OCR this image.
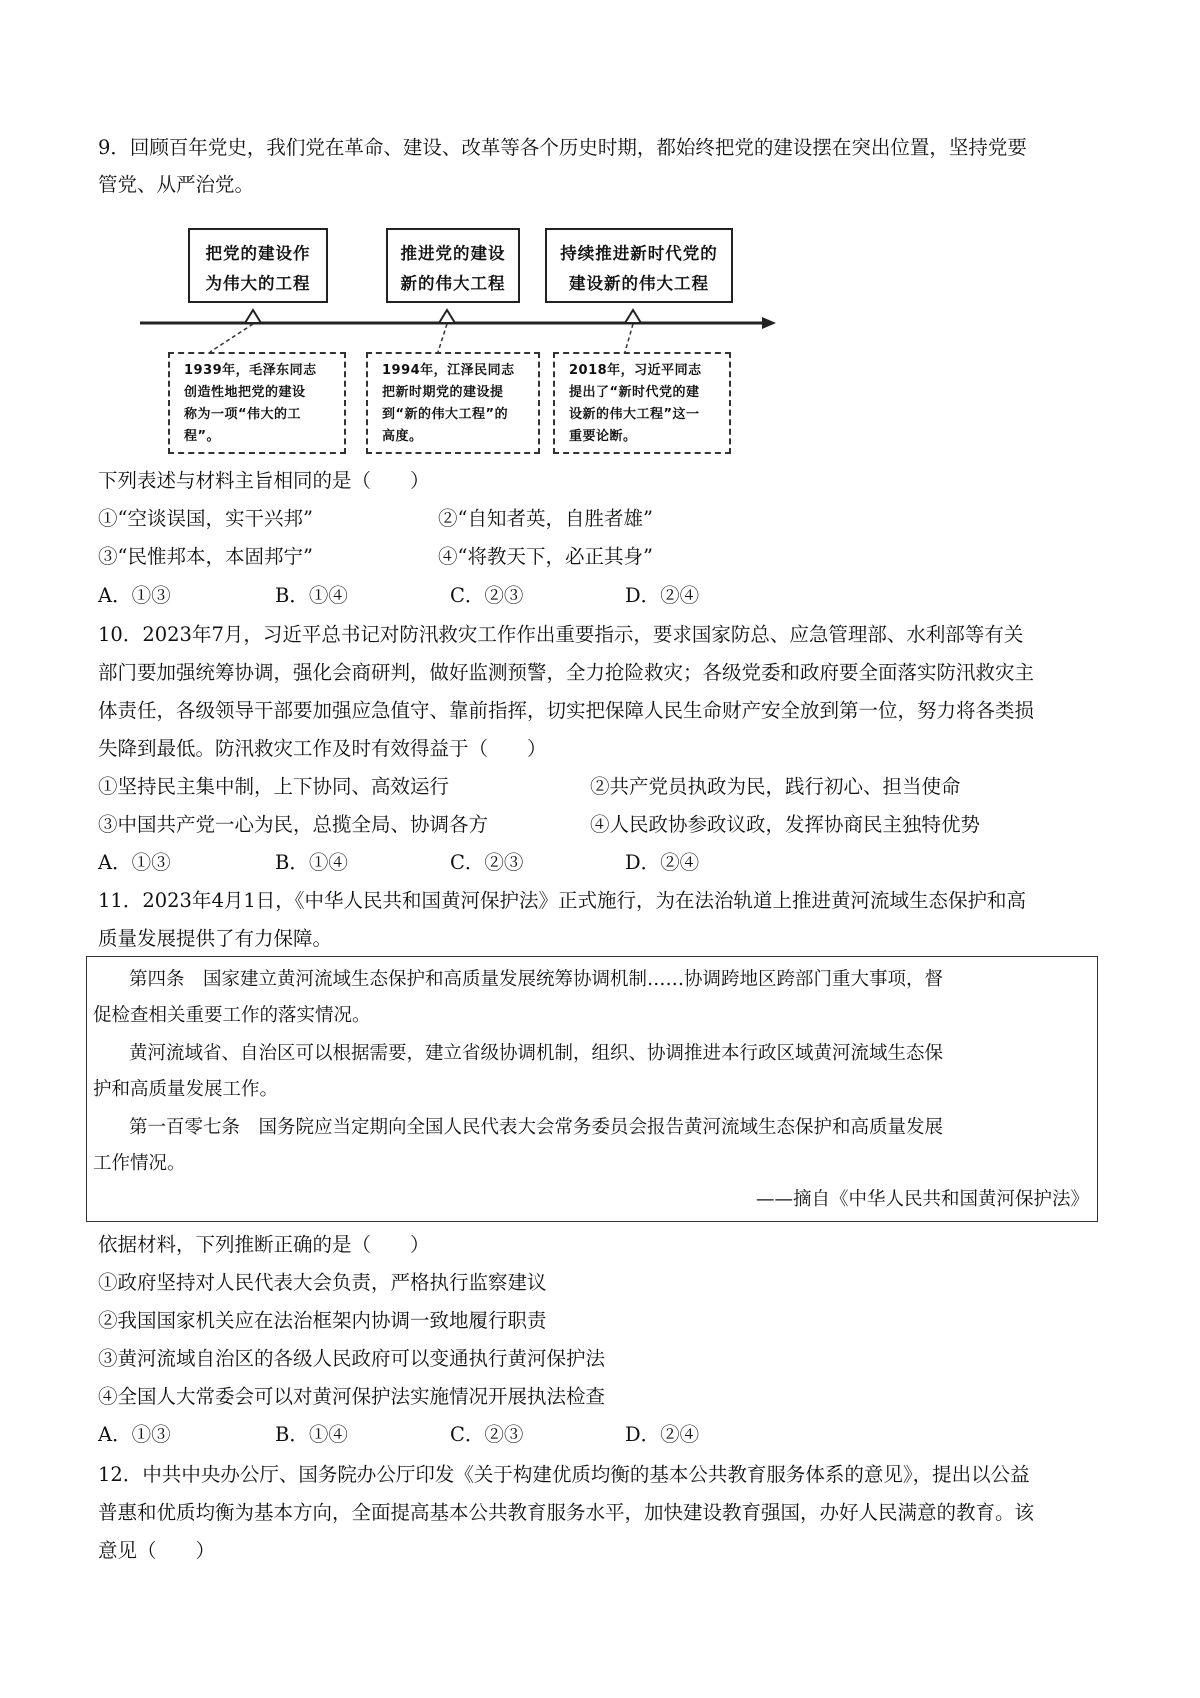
9．回顾百年党史，我们党在革命、建设、改革等各个历史时期，都始终把党的建设摆在突出位置，坚持党要
管党、从严治党。
把党的建设作
为伟大的工程
推进党的建设
新的伟大工程
持续推进新时代党的
建设新的伟大工程
1939年，毛泽东同志
创造性地把党的建设
称为一项“伟大的工
程”。
1994年，江泽民同志
把新时期党的建设提
到“新的伟大工程”的
高度。
2018年，习近平同志
提出了“新时代党的建
设新的伟大工程”这一
重要论断。
下列表述与材料主旨相同的是（　　）
①“空谈误国，实干兴邦”	②“自知者英，自胜者雄”
③“民惟邦本，本固邦宁”	④“将教天下，必正其身”
A．①③	B．①④	C．②③	D．②④
10．2023年7月，习近平总书记对防汛救灾工作作出重要指示，要求国家防总、应急管理部、水利部等有关
部门要加强统筹协调，强化会商研判，做好监测预警，全力抢险救灾；各级党委和政府要全面落实防汛救灾主
体责任，各级领导干部要加强应急值守、靠前指挥，切实把保障人民生命财产安全放到第一位，努力将各类损
失降到最低。防汛救灾工作及时有效得益于（　　）
①坚持民主集中制，上下协同、高效运行	②共产党员执政为民，践行初心、担当使命
③中国共产党一心为民，总揽全局、协调各方	④人民政协参政议政，发挥协商民主独特优势
A．①③	B．①④	C．②③	D．②④
11．2023年4月1日，《中华人民共和国黄河保护法》正式施行，为在法治轨道上推进黄河流域生态保护和高
质量发展提供了有力保障。
第四条　国家建立黄河流域生态保护和高质量发展统筹协调机制……协调跨地区跨部门重大事项，督
促检查相关重要工作的落实情况。
黄河流域省、自治区可以根据需要，建立省级协调机制，组织、协调推进本行政区域黄河流域生态保
护和高质量发展工作。
第一百零七条　国务院应当定期向全国人民代表大会常务委员会报告黄河流域生态保护和高质量发展
工作情况。
——摘自《中华人民共和国黄河保护法》
依据材料，下列推断正确的是（　　）
①政府坚持对人民代表大会负责，严格执行监察建议
②我国国家机关应在法治框架内协调一致地履行职责
③黄河流域自治区的各级人民政府可以变通执行黄河保护法
④全国人大常委会可以对黄河保护法实施情况开展执法检查
A．①③	B．①④	C．②③	D．②④
12．中共中央办公厅、国务院办公厅印发《关于构建优质均衡的基本公共教育服务体系的意见》，提出以公益
普惠和优质均衡为基本方向，全面提高基本公共教育服务水平，加快建设教育强国，办好人民满意的教育。该
意见（　　）
